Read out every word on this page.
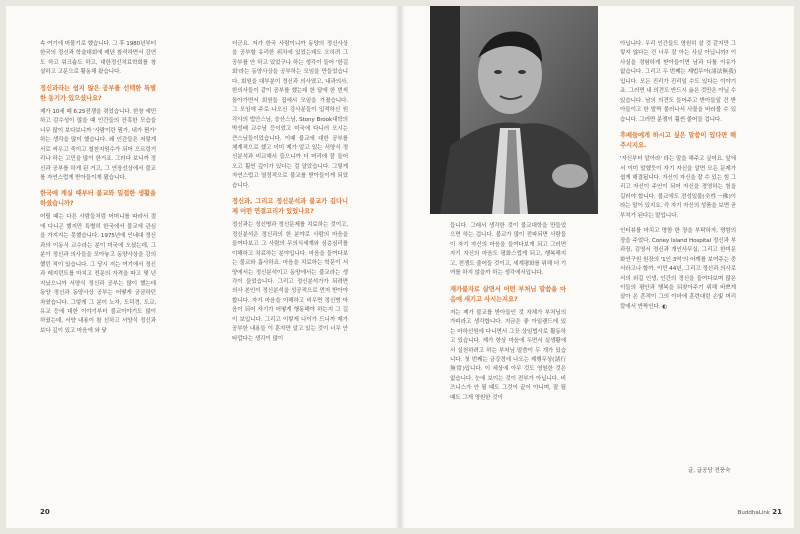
속 여기에 머물기로 했습니다. 그 후 1980년부터 한국의 정신과 학술대회에 매년 참석하면서 강연도 하고 워크숍도 하고, 대한정신치료학회를 창설하고 고문으로 활동해 왔습니다.

정신과라는 쉽지 않은 공부를 선택한 특별한 동기가 있으셨나요?

제가 10세 때 6.25전쟁을 겪었습니다. 한창 예민하고 감수성이 많을 때 인간들의 잔혹한 모습을 너무 많이 보다보니까 '사람이란 뭔가, 내가 뭔가' 하는 생각을 많이 했습니다. 왜 인간들은 저렇게 서로 싸우고 죽이고 철천지원수가 되어 으르렁거리나 하는 고민을 많이 한거죠. 그러다 보니까 정신과 공부를 하게 된 거고, 그 연장선상에서 불교를 자연스럽게 받아들이게 됐습니다.

한국에 계실 때부터 불교와 밀접한 생활을 하셨습니까?

어릴 때는 다른 사람들처럼 어머니를 따라서 절에 다니곤 했지만 특별히 한국에서 불교에 관심을 가지지는 못했습니다. 1975년에 인네대 정신과의 이동식 교수라는 분이 미국에 오셨는데, 그 분이 정신과 의사들을 모아놓고 동양사상을 강의했던 적이 있습니다. 그 당시 저는 여기에서 정신과 레지던트를 마치고 전문의 자격을 따고 몇 년 지났으니까 서양식 정신과 공부는 많이 했는데 동양 정신과 동양사상 공부는 어떻게 궁금하던 차였습니다. 그렇게 그 분이 노자, 도덕경, 도교, 유교 등에 대한 이야기부터 불교이야기도 많이 하셨는데, 서양 내용이 참 신하고 서양식 정신과보다 깊이 있고 마음에 와 닿

더군요. 저가 한국 사람이니까 동양의 정신사상을 공부할 유리한 위치에 있었는데도 오히려 그 공부를 안 하고 있었구나 하는 생각이 들어 '한길회'라는 동양사상을 공부하는 모임을 만들었습니다. 회원을 대부분이 정신과 의사였고, 내과의사, 한의사들이 같이 공부를 했는데 한 달에 한 번씩 돌아가면서 회원들 집에서 모임을 가졌습니다. 그 모임에 주로 나오신 강사분들이 입적하신 원각사의 법안스님, 숭산스님, Stony Brook대학의 박성배 교수님 등이었고 미국에 다니러 오시는 큰스님들이었습니다. 이때 불교에 대한 공부를 체계적으로 했고 이미 제가 알고 있는 서양식 정신분석과 비교해서 들으니까 더 머리에 잘 들어오고 훨씬 깊이가 있다는 걸 알았습니다. 그렇게 자연스럽고 열정적으로 불교를 받아들이게 되었습니다.

정신과, 그리고 정신분석과 불교가 깊다니 제 어떤 연결고리가 있었나요?

정신과는 정신병과 정신문제를 치료하는 것이고, 정신분석은 정신과의 한 분야로 사람의 마음을 들여다보고 그 사람의 무의식세계와 심층심리를 이해하고 치료하는 분야입니다. 마음을 들여다보는 불교와 흡사하죠. 마음을 치료하는 학문이 서양에서는 정신분석이고 동양에서는 불교라는 생각이 들었습니다. 그리고 정신분석가가 되려면 의사 본인이 정신분석을 성공적으로 먼저 받아야 합니다. 자기 마음을 이해하고 비우면 정신병 마음이 되어 자기가 어떻게 행동해야 하는지 그 길이 보입니다. 그리고 이렇게 나이가 드니까 제가 공부한 내용들 이 훈자만 알고 있는 것이 너무 안타깝다는 생각이 많이

듭니다. 그래서 생각한 것이 불교대학을 만들었으면 하는 겁니다. 불교가 많이 전파되면 사람들이 자기 자신의 마음을 들여다보게 되고 그러면 자기 자신의 마음도 평화스럽게 되고, 행복해지고, 전쟁도 줄어들 것이고, 세계평화를 위해 더 기여를 하지 않을까 하는 생각에서입니다.

재가불자로 살면서 어떤 부처님 말씀을 마음에 새기고 사시는지요?

저는 제가 불교를 받아들인 것 자체가 부처님의 가피라고 생각합니다. 지금은 좋 아일랜드에 있는 마하선원에 다니면서 그곳 상임법사로 활동하고 있습니다. 제가 항상 마음에 두면서 실생활에서 실천하려고 하는 부처님 말씀이 두 개가 있습니다. 첫 번째는 금강경에 나오는 제행무상(諸行無常)입니다. 이 세상에 아무 것도 영원한 것은 없습니다. 눈에 보이는 것이 전부가 아닙니다. 비즈니스가 안 될 때도 그것이 끝이 아니며, 잘 될 때도 그게 영원한 것이

아닙니다. 우리 인간들도 영원히 살 것 같지만 그렇지 않다는 건 너무 잘 아는 사실 아닙니까? 이 사실을 경험하게 받아들이면 남과 다툴 이유가 없습니다. 그리고 두 번째는 제법무아(諸法無我)입니다. 모든 진리가 진리일 수도 있다는 이야기죠. 그러면 내 의견도 반드시 옳은 것만은 아닐 수 있습니다. 남의 의견도 들어주고 받아들일 건 받아들이고 한 발짝 물러나서 사물을 바라볼 수 있습니다. 그러면 분쟁이 훨씬 줄어들 겁니다.

후배들에게 하시고 싶은 말씀이 있다면 해주시지요.

'자신부터 알아라' 라는 말을 해주고 싶어요. 앞에서 이미 말했듯이 자기 자신을 알면 모든 문제가 쉽게 해결됩니다. 자신이 자신을 잘 수 있는 힘 그리고 자신이 주인이 되어 자신을 경영하는 힘을 길러야 합니다. 불교에도 전성일불(全性一佛)이라는 말이 있지요. 즉 자기 자신의 성품을 보면 곧 부처가 된다는 말입니다.

인터뷰를 마치고 명함 한 장을 부탁하자, 명함의 장을 주었다. Coney Island Hospital 정신과 부과장, 김영서 정신과 개인사무실, 그리고 한미문화연구원 원장의 '1인 3역'의 어깨를 보여주는 중 서라고나 할까. 이민 44년, 그리고 정신과 의사로서의 외길 인생, 인간의 정신을 들여다보며 많은 이들의 평안과 행복을 되찾아주기 위해 바쁘게 살아 온 흔적이 그의 이마에 훈련대린 손빛 머리칼에서 반짝인다. ◐

글, 글공당 전풍숙
20	BuddhaLink 21
